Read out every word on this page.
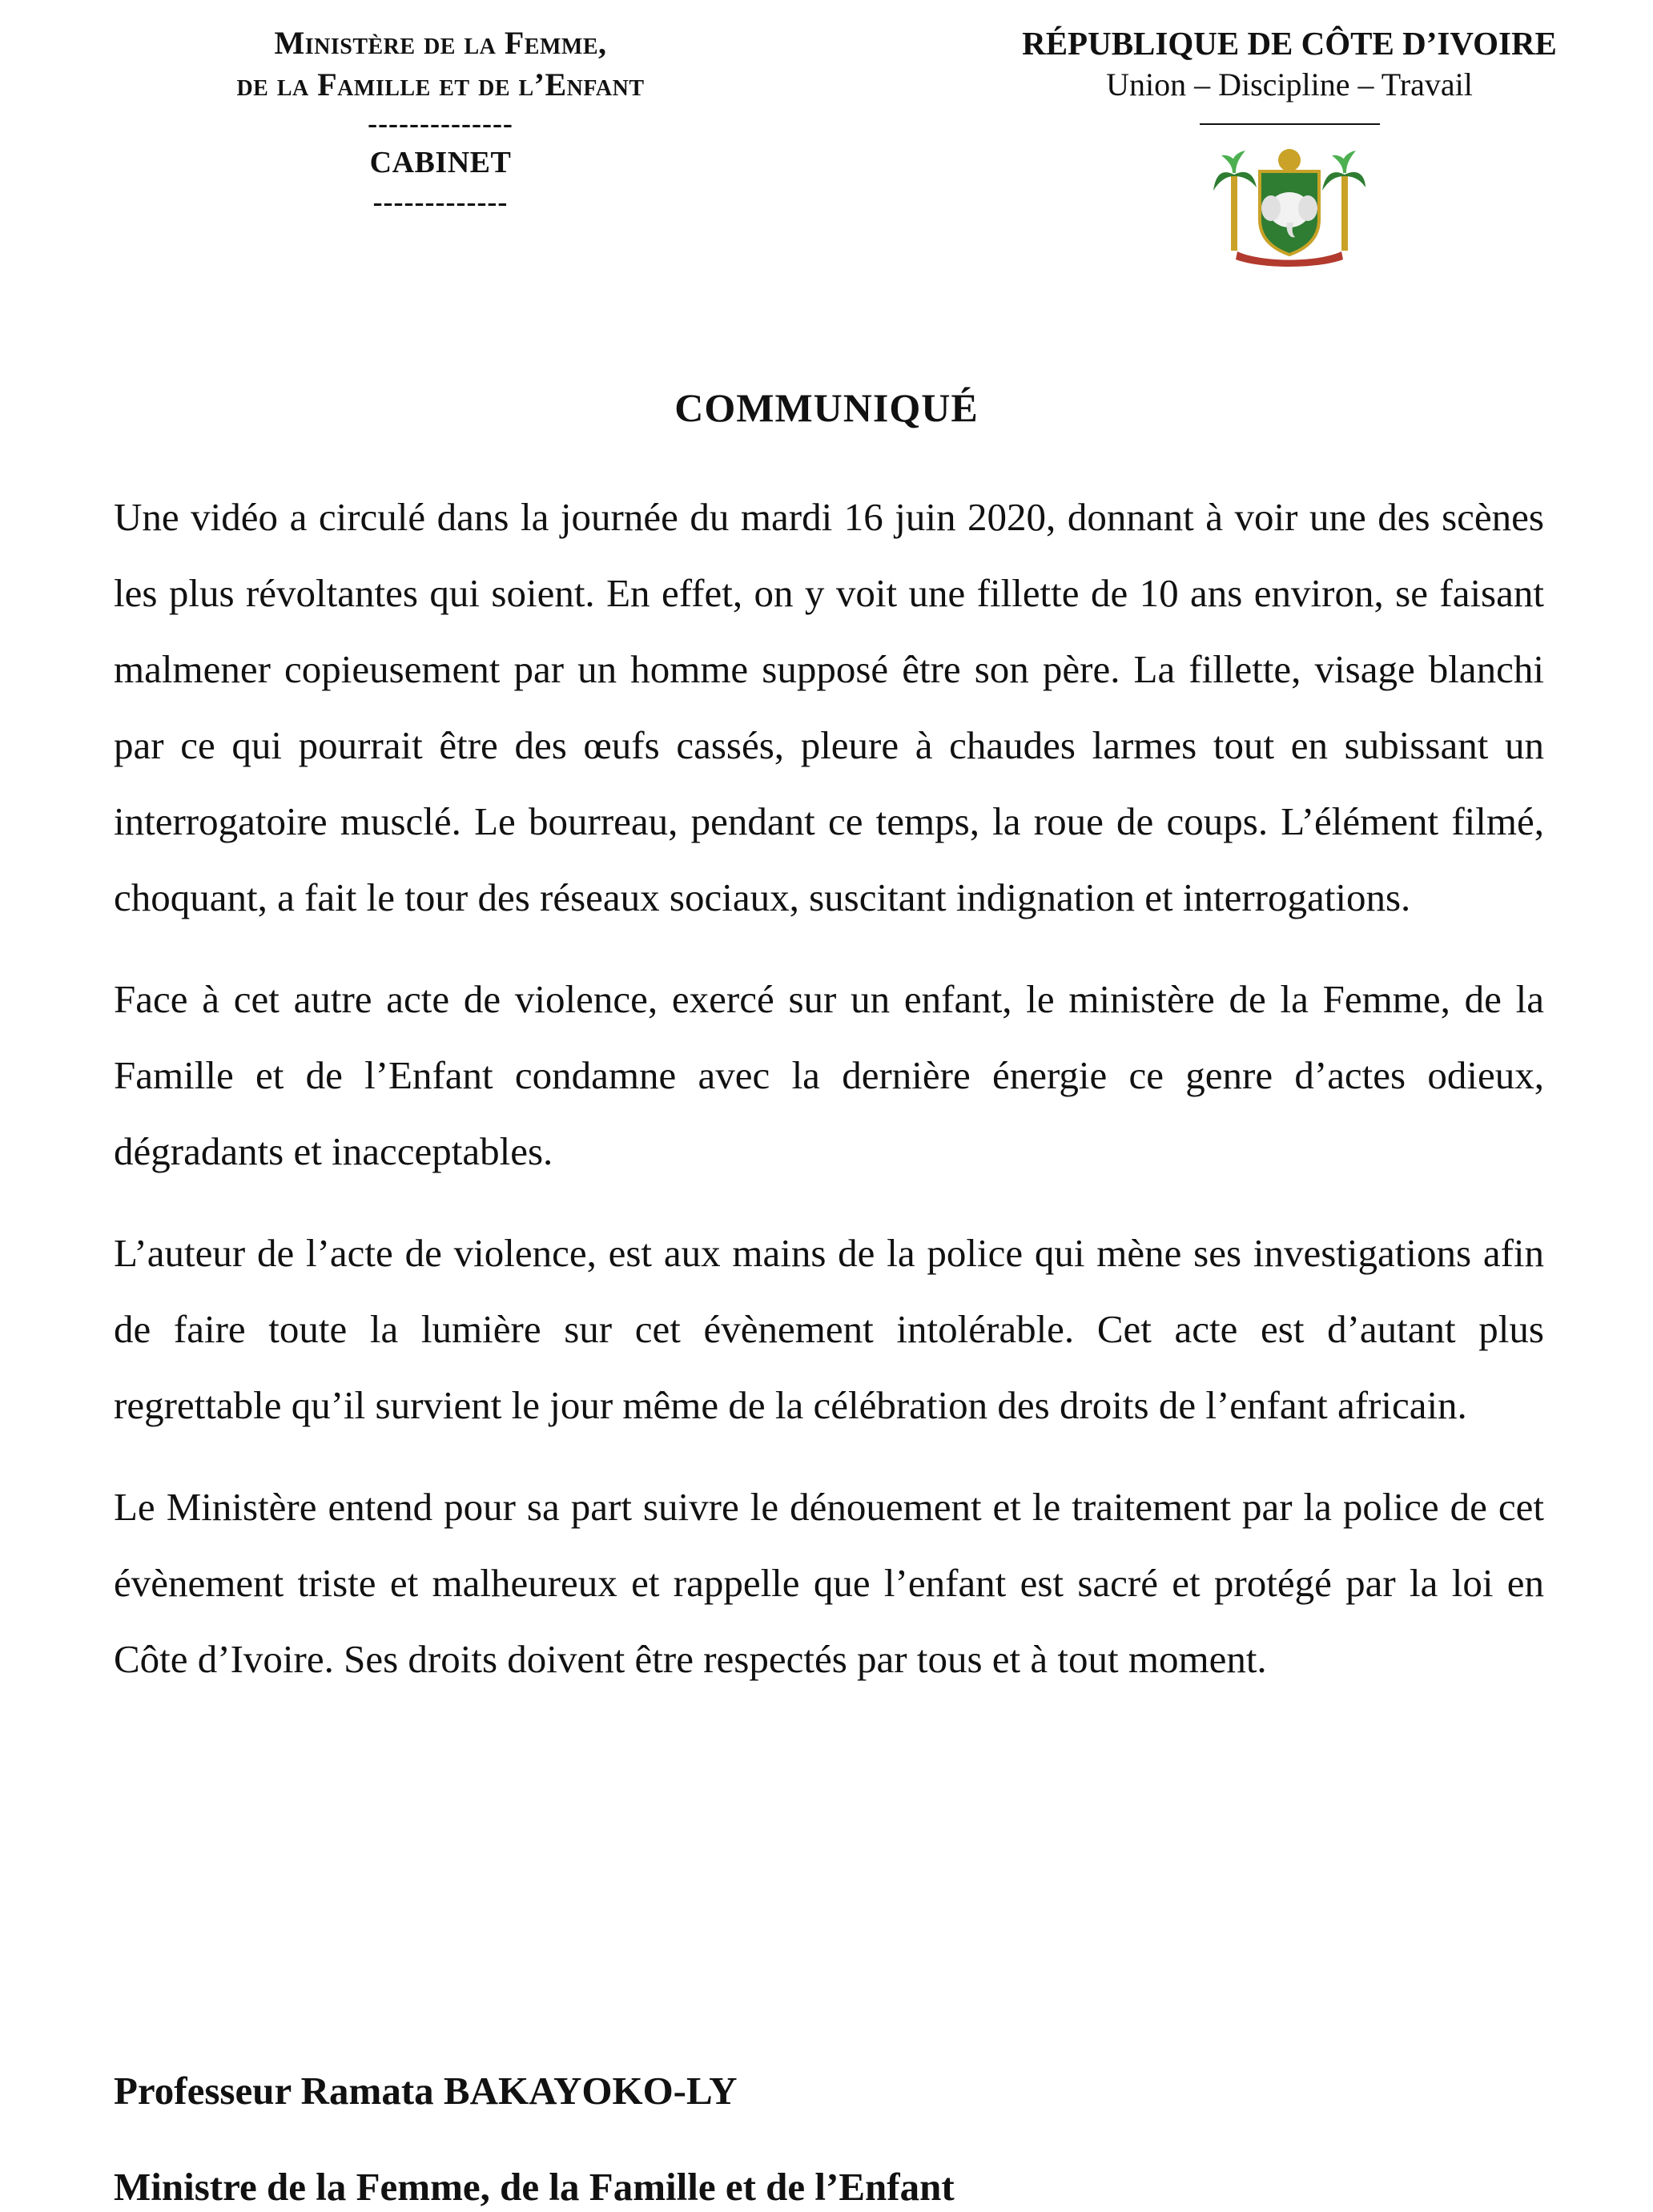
Ministère de la Femme,
de la Famille et de l’Enfant
--------------
CABINET
-------------
RÉPUBLIQUE DE CÔTE D’IVOIRE
Union – Discipline – Travail
COMMUNIQUÉ

Une vidéo a circulé dans la journée du mardi 16 juin 2020, donnant à voir une des scènes les plus révoltantes qui soient. En effet, on y voit une fillette de 10 ans environ, se faisant malmener copieusement par un homme supposé être son père. La fillette, visage blanchi par ce qui pourrait être des œufs cassés, pleure à chaudes larmes tout en subissant un interrogatoire musclé. Le bourreau, pendant ce temps, la roue de coups. L’élément filmé, choquant, a fait le tour des réseaux sociaux, suscitant indignation et interrogations.

Face à cet autre acte de violence, exercé sur un enfant, le ministère de la Femme, de la Famille et de l’Enfant condamne avec la dernière énergie ce genre d’actes odieux, dégradants et inacceptables.

L’auteur de l’acte de violence, est aux mains de la police qui mène ses investigations afin de faire toute la lumière sur cet évènement intolérable. Cet acte est d’autant plus regrettable qu’il survient le jour même de la célébration des droits de l’enfant africain.

Le Ministère entend pour sa part suivre le dénouement et le traitement par la police de cet évènement triste et malheureux et rappelle que l’enfant est sacré et protégé par la loi en Côte d’Ivoire. Ses droits doivent être respectés par tous et à tout moment.

Professeur Ramata BAKAYOKO-LY
Ministre de la Femme, de la Famille et de l’Enfant
